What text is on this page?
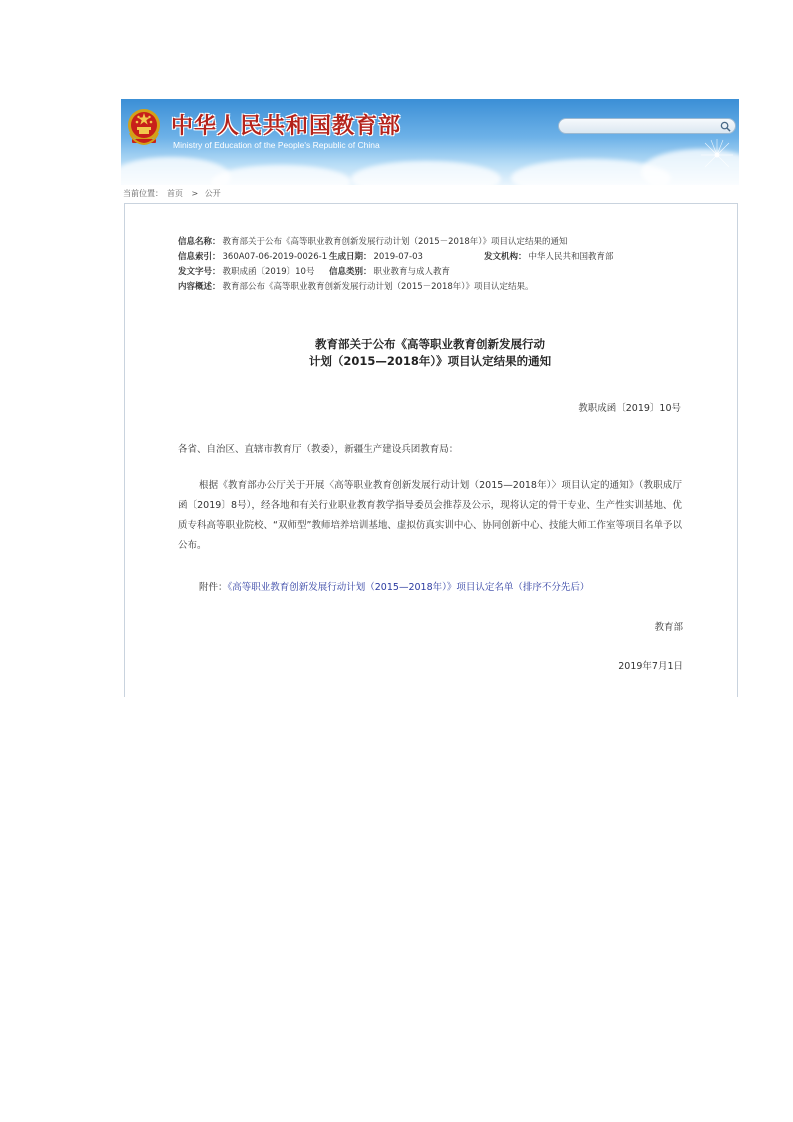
中华人民共和国教育部
Ministry of Education of the People's Republic of China
当前位置： 首页 > 公开
信息名称： 教育部关于公布《高等职业教育创新发展行动计划（2015－2018年）》项目认定结果的通知
信息索引： 360A07-06-2019-0026-1 生成日期： 2019-07-03	发文机构： 中华人民共和国教育部
发文字号： 教职成函〔2019〕10号 信息类别： 职业教育与成人教育
内容概述： 教育部公布《高等职业教育创新发展行动计划（2015－2018年）》项目认定结果。
教育部关于公布《高等职业教育创新发展行动
计划（2015—2018年）》项目认定结果的通知
教职成函〔2019〕10号
各省、自治区、直辖市教育厅（教委），新疆生产建设兵团教育局：
根据《教育部办公厅关于开展〈高等职业教育创新发展行动计划（2015—2018年）〉项目认定的通知》（教职成厅函〔2019〕8号），经各地和有关行业职业教育教学指导委员会推荐及公示，现将认定的骨干专业、生产性实训基地、优质专科高等职业院校、“双师型”教师培养培训基地、虚拟仿真实训中心、协同创新中心、技能大师工作室等项目名单予以公布。
附件：《高等职业教育创新发展行动计划（2015—2018年）》项目认定名单（排序不分先后）
教育部
2019年7月1日
